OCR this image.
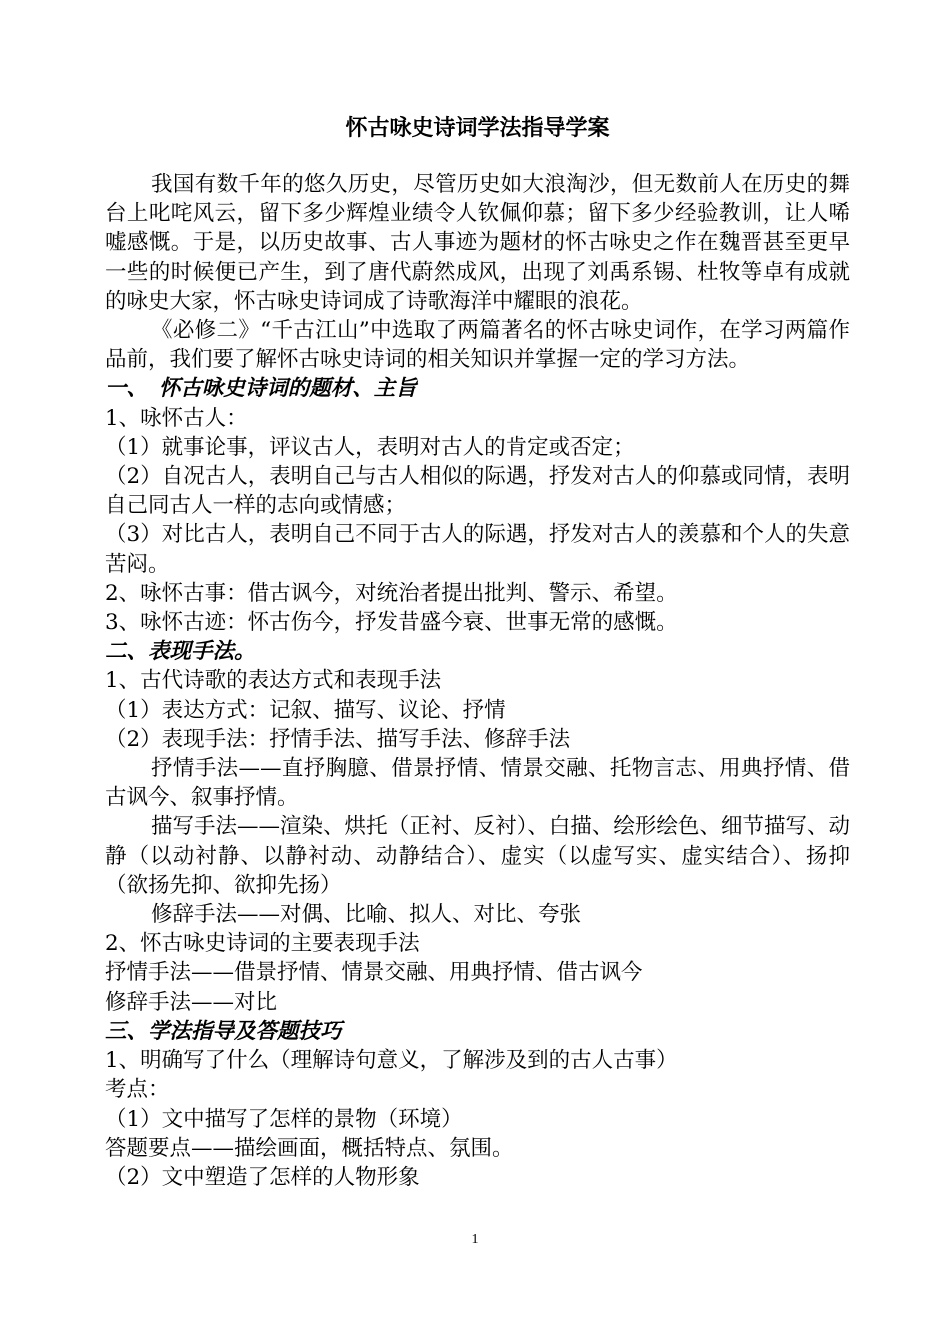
怀古咏史诗词学法指导学案

我国有数千年的悠久历史，尽管历史如大浪淘沙，但无数前人在历史的舞台上叱咤风云，留下多少辉煌业绩令人钦佩仰慕；留下多少经验教训，让人唏嘘感慨。于是，以历史故事、古人事迹为题材的怀古咏史之作在魏晋甚至更早一些的时候便已产生，到了唐代蔚然成风，出现了刘禹系锡、杜牧等卓有成就的咏史大家，怀古咏史诗词成了诗歌海洋中耀眼的浪花。

《必修二》“千古江山”中选取了两篇著名的怀古咏史词作，在学习两篇作品前，我们要了解怀古咏史诗词的相关知识并掌握一定的学习方法。

一、　怀古咏史诗词的题材、主旨

1、咏怀古人：

（1）就事论事，评议古人，表明对古人的肯定或否定；

（2）自况古人，表明自己与古人相似的际遇，抒发对古人的仰慕或同情，表明自己同古人一样的志向或情感；

（3）对比古人，表明自己不同于古人的际遇，抒发对古人的羡慕和个人的失意苦闷。

2、咏怀古事：借古讽今，对统治者提出批判、警示、希望。

3、咏怀古迹：怀古伤今，抒发昔盛今衰、世事无常的感慨。

二、表现手法。

1、古代诗歌的表达方式和表现手法

（1）表达方式：记叙、描写、议论、抒情

（2）表现手法：抒情手法、描写手法、修辞手法

抒情手法——直抒胸臆、借景抒情、情景交融、托物言志、用典抒情、借古讽今、叙事抒情。

描写手法——渲染、烘托（正衬、反衬）、白描、绘形绘色、细节描写、动静（以动衬静、以静衬动、动静结合）、虚实（以虚写实、虚实结合）、扬抑（欲扬先抑、欲抑先扬）

修辞手法——对偶、比喻、拟人、对比、夸张

2、怀古咏史诗词的主要表现手法

抒情手法——借景抒情、情景交融、用典抒情、借古讽今

修辞手法——对比

三、学法指导及答题技巧

1、明确写了什么（理解诗句意义，了解涉及到的古人古事）

考点：

（1）文中描写了怎样的景物（环境）

答题要点——描绘画面，概括特点、氛围。

（2）文中塑造了怎样的人物形象

1
